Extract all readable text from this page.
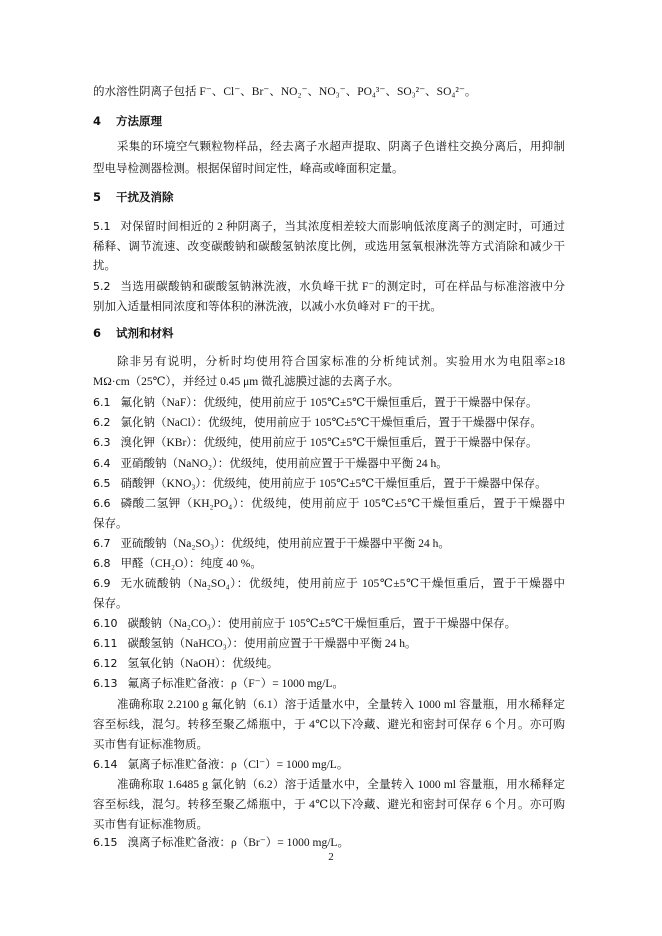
的水溶性阴离子包括 F⁻、Cl⁻、Br⁻、NO₂⁻、NO₃⁻、PO₄³⁻、SO₃²⁻、SO₄²⁻。
4 方法原理
采集的环境空气颗粒物样品，经去离子水超声提取、阴离子色谱柱交换分离后，用抑制
型电导检测器检测。根据保留时间定性，峰高或峰面积定量。
5 干扰及消除
5.1 对保留时间相近的 2 种阴离子，当其浓度相差较大而影响低浓度离子的测定时，可通过
稀释、调节流速、改变碳酸钠和碳酸氢钠浓度比例，或选用氢氧根淋洗等方式消除和减少干
扰。
5.2 当选用碳酸钠和碳酸氢钠淋洗液，水负峰干扰 F⁻的测定时，可在样品与标准溶液中分
别加入适量相同浓度和等体积的淋洗液，以减小水负峰对 F⁻的干扰。
6 试剂和材料
除非另有说明，分析时均使用符合国家标准的分析纯试剂。实验用水为电阻率≥18
MΩ·cm（25℃），并经过 0.45 μm 微孔滤膜过滤的去离子水。
6.1 氟化钠（NaF）：优级纯，使用前应于 105℃±5℃干燥恒重后，置于干燥器中保存。
6.2 氯化钠（NaCl）：优级纯，使用前应于 105℃±5℃干燥恒重后，置于干燥器中保存。
6.3 溴化钾（KBr）：优级纯，使用前应于 105℃±5℃干燥恒重后，置于干燥器中保存。
6.4 亚硝酸钠（NaNO₂）：优级纯，使用前应置于干燥器中平衡 24 h。
6.5 硝酸钾（KNO₃）：优级纯，使用前应于 105℃±5℃干燥恒重后，置于干燥器中保存。
6.6 磷酸二氢钾（KH₂PO₄）：优级纯，使用前应于 105℃±5℃干燥恒重后，置于干燥器中
保存。
6.7 亚硫酸钠（Na₂SO₃）：优级纯，使用前应置于干燥器中平衡 24 h。
6.8 甲醛（CH₂O）：纯度 40 %。
6.9 无水硫酸钠（Na₂SO₄）：优级纯，使用前应于 105℃±5℃干燥恒重后，置于干燥器中
保存。
6.10 碳酸钠（Na₂CO₃）：使用前应于 105℃±5℃干燥恒重后，置于干燥器中保存。
6.11 碳酸氢钠（NaHCO₃）：使用前应置于干燥器中平衡 24 h。
6.12 氢氧化钠（NaOH）：优级纯。
6.13 氟离子标准贮备液：ρ（F⁻）= 1000 mg/L。
准确称取 2.2100 g 氟化钠（6.1）溶于适量水中，全量转入 1000 ml 容量瓶，用水稀释定
容至标线，混匀。转移至聚乙烯瓶中，于 4℃以下冷藏、避光和密封可保存 6 个月。亦可购
买市售有证标准物质。
6.14 氯离子标准贮备液：ρ（Cl⁻）= 1000 mg/L。
准确称取 1.6485 g 氯化钠（6.2）溶于适量水中，全量转入 1000 ml 容量瓶，用水稀释定
容至标线，混匀。转移至聚乙烯瓶中，于 4℃以下冷藏、避光和密封可保存 6 个月。亦可购
买市售有证标准物质。
6.15 溴离子标准贮备液：ρ（Br⁻）= 1000 mg/L。
2
